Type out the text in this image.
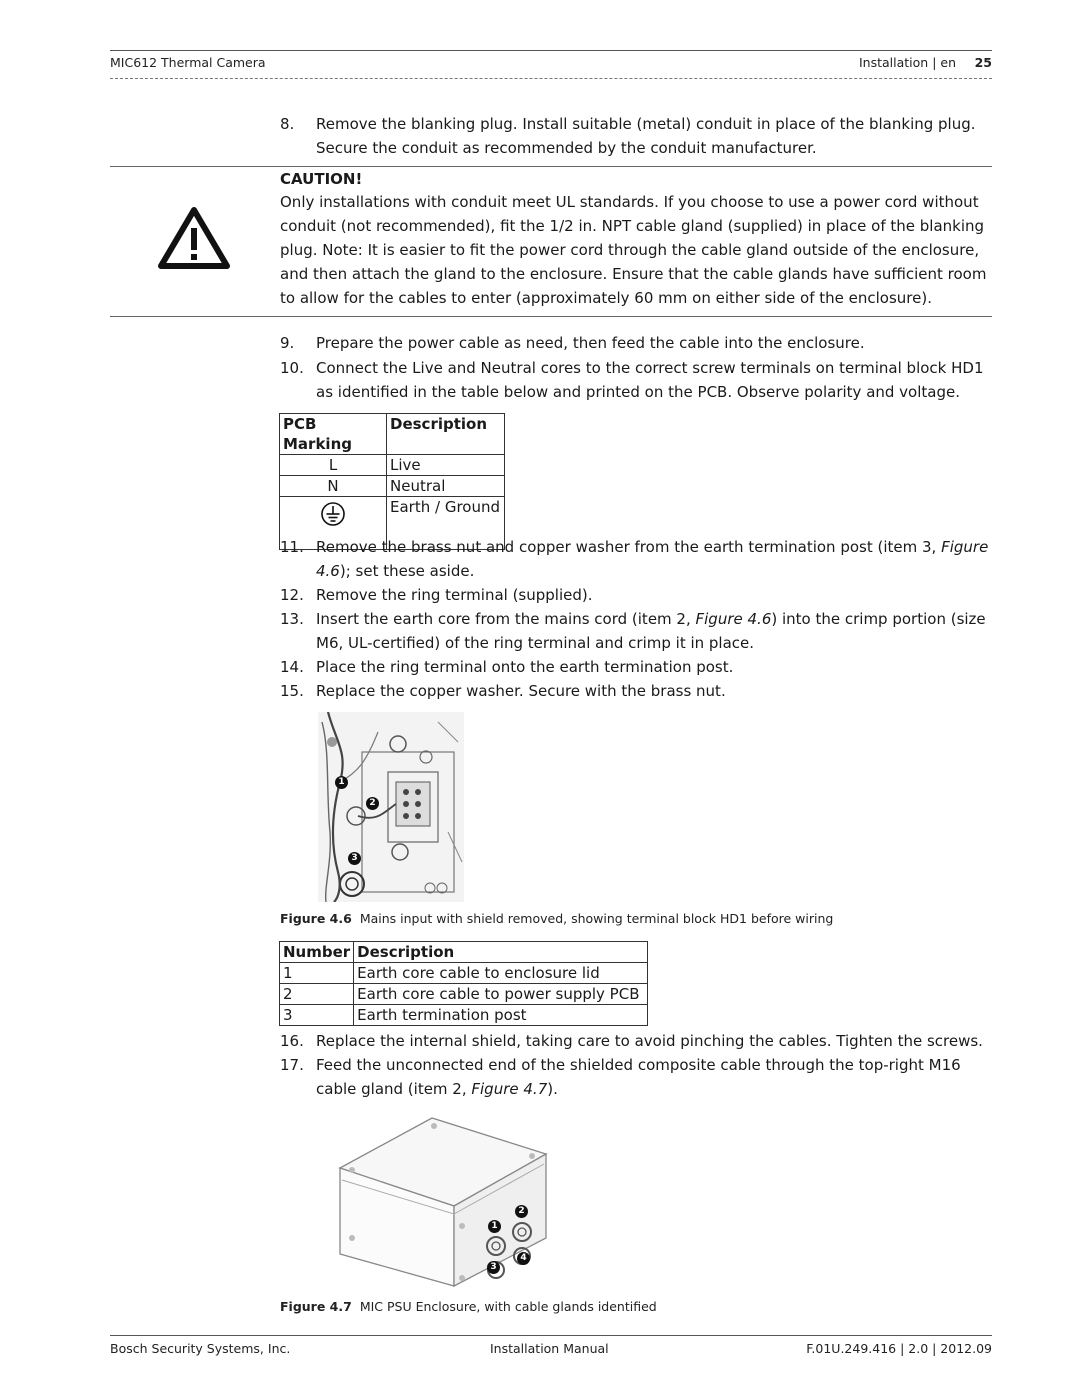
MIC612 Thermal Camera	Installation | en 25
8. Remove the blanking plug. Install suitable (metal) conduit in place of the blanking plug. Secure the conduit as recommended by the conduit manufacturer.
CAUTION!
Only installations with conduit meet UL standards. If you choose to use a power cord without conduit (not recommended), fit the 1/2 in. NPT cable gland (supplied) in place of the blanking plug. Note: It is easier to fit the power cord through the cable gland outside of the enclosure, and then attach the gland to the enclosure. Ensure that the cable glands have sufficient room to allow for the cables to enter (approximately 60 mm on either side of the enclosure).
9. Prepare the power cable as need, then feed the cable into the enclosure.
10. Connect the Live and Neutral cores to the correct screw terminals on terminal block HD1 as identified in the table below and printed on the PCB. Observe polarity and voltage.
PCB Marking	Description
L	Live
N	Neutral
	Earth / Ground
11. Remove the brass nut and copper washer from the earth termination post (item 3, Figure 4.6); set these aside.
12. Remove the ring terminal (supplied).
13. Insert the earth core from the mains cord (item 2, Figure 4.6) into the crimp portion (size M6, UL-certified) of the ring terminal and crimp it in place.
14. Place the ring terminal onto the earth termination post.
15. Replace the copper washer. Secure with the brass nut.
1
2
3
Figure 4.6 Mains input with shield removed, showing terminal block HD1 before wiring
Number	Description
1	Earth core cable to enclosure lid
2	Earth core cable to power supply PCB
3	Earth termination post
16. Replace the internal shield, taking care to avoid pinching the cables. Tighten the screws.
17. Feed the unconnected end of the shielded composite cable through the top-right M16 cable gland (item 2, Figure 4.7).
1
2
3
4
Figure 4.7 MIC PSU Enclosure, with cable glands identified
Bosch Security Systems, Inc.	Installation Manual	F.01U.249.416 | 2.0 | 2012.09
